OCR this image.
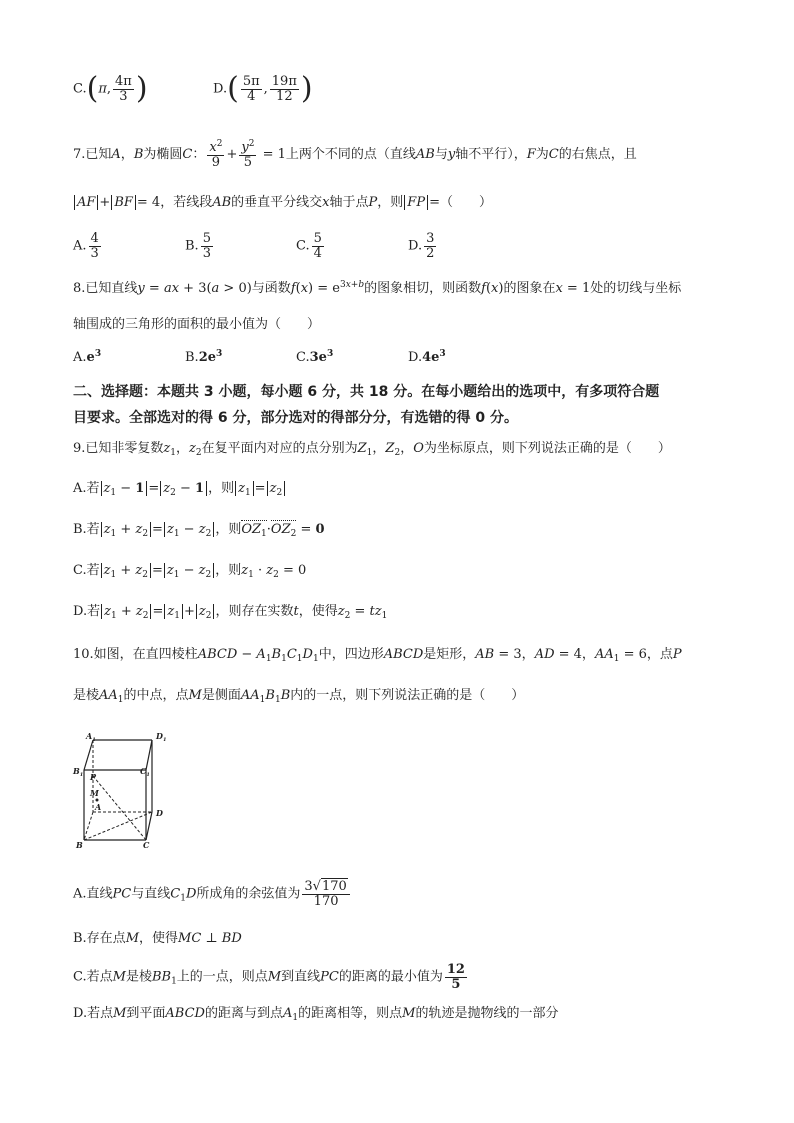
C.(π, $\frac{4\pi}{3}$ )	$D.( \frac{5\pi}{4}$ , $\frac{19\pi}{12}$ )
7.已知A，B为椭圆C： $\frac{x^2}{9} + \frac{y^2}{5} = 1$上两个不同的点（直线AB与y轴不平行），F为C的右焦点，且
AF + BF = 4，若线段AB的垂直平分线交x轴于点P，则 FP =（　　）
A. $\frac{4}{3}$	B. $\frac{5}{3}$	C. $\frac{5}{4}$	D. $\frac{3}{2}$
8.已知直线y = ax + 3(a > 0)与函数$f(x) = e^{3x+b}$的图象相切，则函数f(x)的图象在x = 1处的切线与坐标
轴围成的三角形的面积的最小值为（　　）
$A.e^3$	$B.2e^3$	$C.3e^3$	$D.4e^3$
二、选择题：本题共 3 小题，每小题 6 分，共 18 分。在每小题给出的选项中，有多项符合题
目要求。全部选对的得 6 分，部分选对的得部分分，有选错的得 0 分。
9.已知非零复数$z_1$，$z_2$在复平面内对应的点分别为$Z_1$，$Z_2$，O为坐标原点，则下列说法正确的是（　　）
A.若 $z_1 - 1 = z_2 - 1$ ，则 $z_1 = z_2$
B.若 $z_1 + z_2 = z_1 - z_2$ ，则$OZ_1\cdot OZ_2 = 0$
C.若 $z_1 + z_2 = z_1 - z_2$ ，则$z_1 \cdot z_2 = 0$
D.若 $z_1 + z_2 = z_1 + z_2$ ，则存在实数t，使得$z_2 = tz_1$
10.如图，在直四棱柱ABCD − $A_1B_1C_1D_1$中，四边形ABCD是矩形，AB = 3，AD = 4，$AA_1 = 6$，点P
是棱$AA_1$的中点，点M是侧面$AA_1B_1B$内的一点，则下列说法正确的是（　　）
$A_1$	$D_1$
$B_1$	$C_1$
P
M
A
D
B	C
A.直线PC与直线$C_1D$所成角的余弦值为 $\frac{3√170}{170}$
B.存在点M，使得MC ⊥ BD
C.若点M是棱$BB_1$上的一点，则点M到直线PC的距离的最小值为 $\frac{12}{5}$
D.若点M到平面ABCD的距离与到点$A_1$的距离相等，则点M的轨迹是抛物线的一部分
